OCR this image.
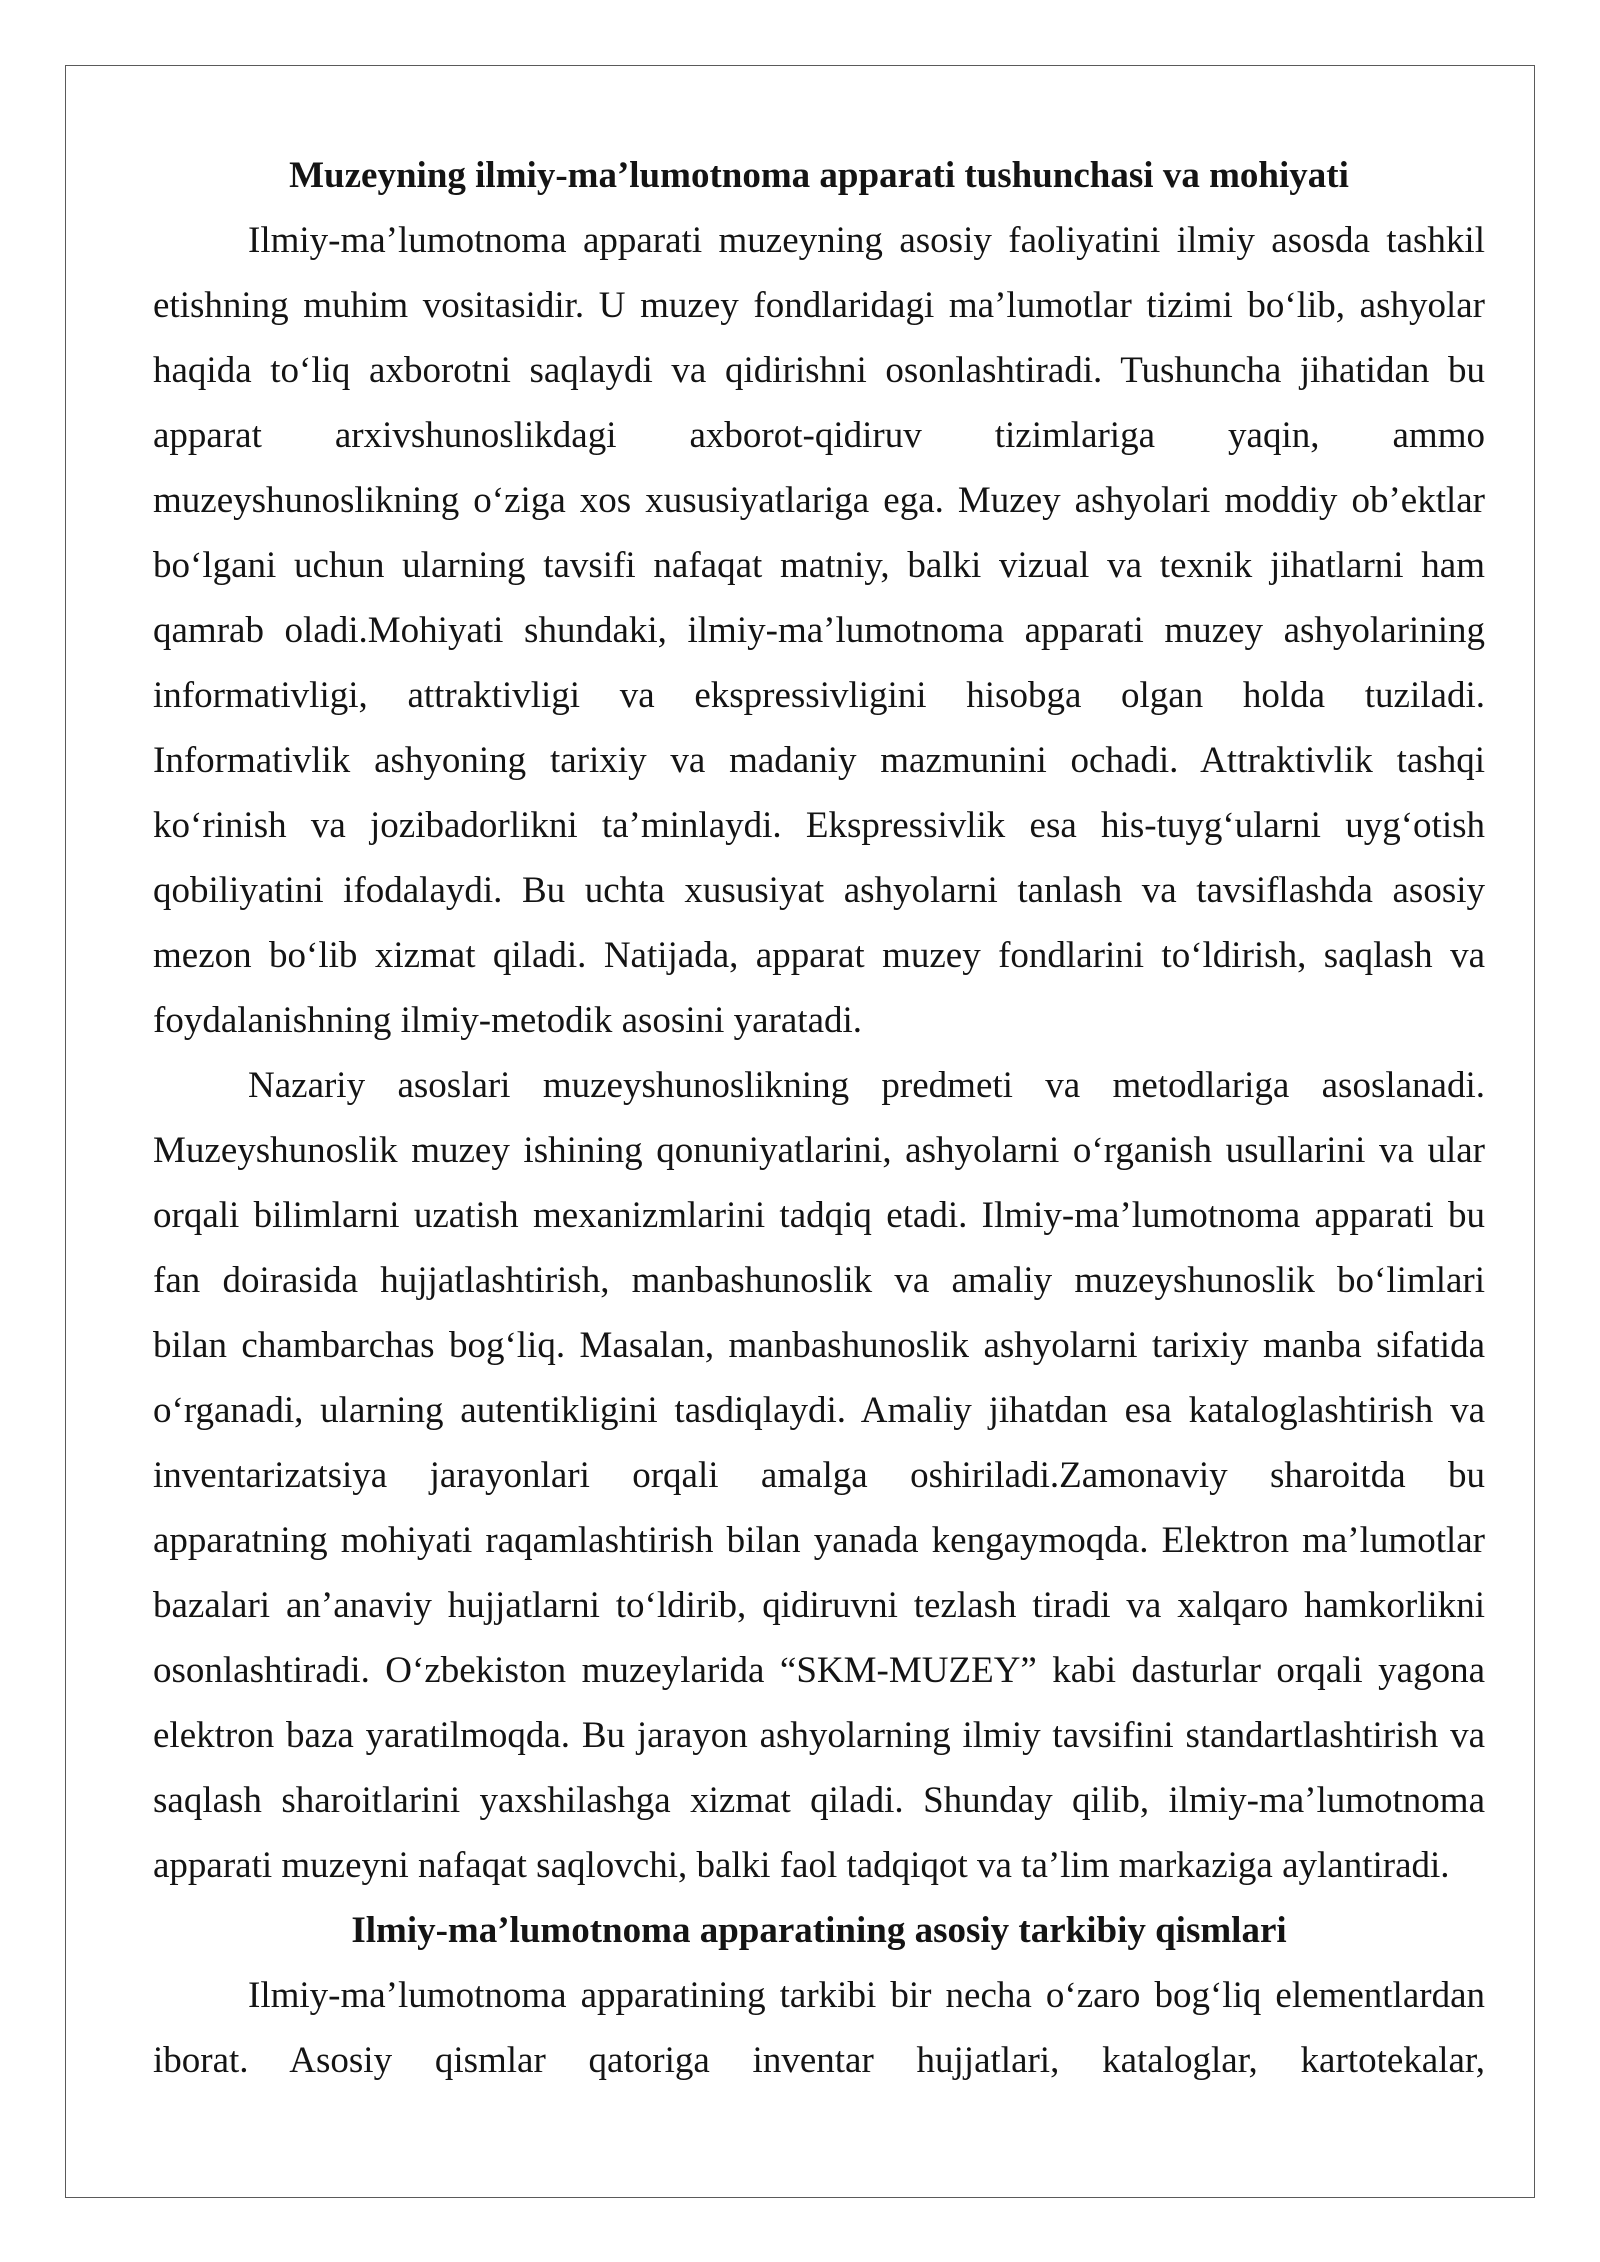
Muzeyning ilmiy-ma’lumotnoma apparati tushunchasi va mohiyati
Ilmiy-ma’lumotnoma apparati muzeyning asosiy faoliyatini ilmiy asosda tashkil
etishning muhim vositasidir. U muzey fondlaridagi ma’lumotlar tizimi bo‘lib, ashyolar
haqida to‘liq axborotni saqlaydi va qidirishni osonlashtiradi. Tushuncha jihatidan bu
apparat arxivshunoslikdagi axborot-qidiruv tizimlariga yaqin, ammo
muzeyshunoslikning o‘ziga xos xususiyatlariga ega. Muzey ashyolari moddiy ob’ektlar
bo‘lgani uchun ularning tavsifi nafaqat matniy, balki vizual va texnik jihatlarni ham
qamrab oladi.Mohiyati shundaki, ilmiy-ma’lumotnoma apparati muzey ashyolarining
informativligi, attraktivligi va ekspressivligini hisobga olgan holda tuziladi.
Informativlik ashyoning tarixiy va madaniy mazmunini ochadi. Attraktivlik tashqi
ko‘rinish va jozibadorlikni ta’minlaydi. Ekspressivlik esa his-tuyg‘ularni uyg‘otish
qobiliyatini ifodalaydi. Bu uchta xususiyat ashyolarni tanlash va tavsiflashda asosiy
mezon bo‘lib xizmat qiladi. Natijada, apparat muzey fondlarini to‘ldirish, saqlash va
foydalanishning ilmiy-metodik asosini yaratadi.
Nazariy asoslari muzeyshunoslikning predmeti va metodlariga asoslanadi.
Muzeyshunoslik muzey ishining qonuniyatlarini, ashyolarni o‘rganish usullarini va ular
orqali bilimlarni uzatish mexanizmlarini tadqiq etadi. Ilmiy-ma’lumotnoma apparati bu
fan doirasida hujjatlashtirish, manbashunoslik va amaliy muzeyshunoslik bo‘limlari
bilan chambarchas bog‘liq. Masalan, manbashunoslik ashyolarni tarixiy manba sifatida
o‘rganadi, ularning autentikligini tasdiqlaydi. Amaliy jihatdan esa kataloglashtirish va
inventarizatsiya jarayonlari orqali amalga oshiriladi.Zamonaviy sharoitda bu
apparatning mohiyati raqamlashtirish bilan yanada kengaymoqda. Elektron ma’lumotlar
bazalari an’anaviy hujjatlarni to‘ldirib, qidiruvni tezlash tiradi va xalqaro hamkorlikni
osonlashtiradi. O‘zbekiston muzeylarida “SKM-MUZEY” kabi dasturlar orqali yagona
elektron baza yaratilmoqda. Bu jarayon ashyolarning ilmiy tavsifini standartlashtirish va
saqlash sharoitlarini yaxshilashga xizmat qiladi. Shunday qilib, ilmiy-ma’lumotnoma
apparati muzeyni nafaqat saqlovchi, balki faol tadqiqot va ta’lim markaziga aylantiradi.
Ilmiy-ma’lumotnoma apparatining asosiy tarkibiy qismlari
Ilmiy-ma’lumotnoma apparatining tarkibi bir necha o‘zaro bog‘liq elementlardan
iborat. Asosiy qismlar qatoriga inventar hujjatlari, kataloglar, kartotekalar,
